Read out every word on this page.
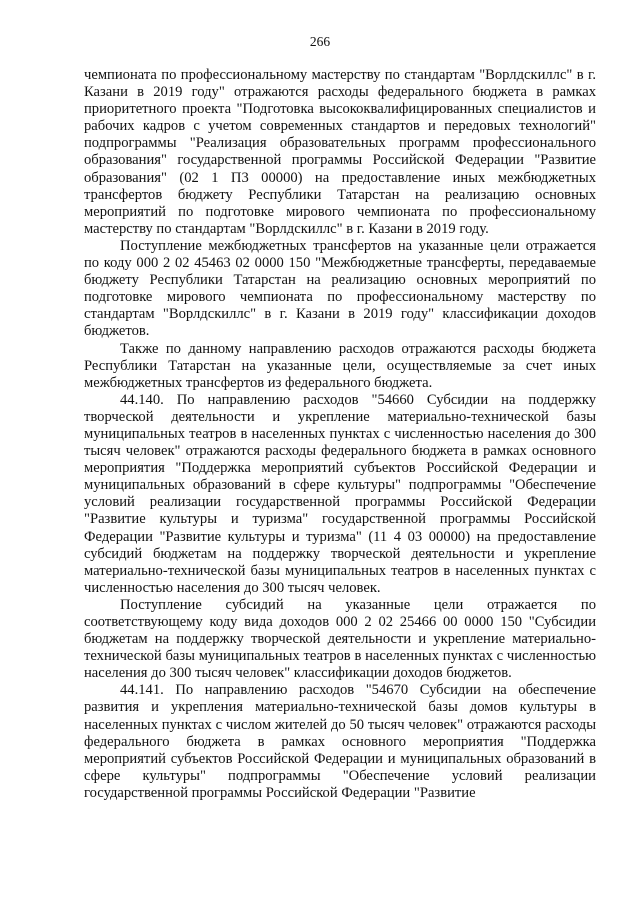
266

чемпионата по профессиональному мастерству по стандартам "Ворлдскиллс" в г. Казани в 2019 году" отражаются расходы федерального бюджета в рамках приоритетного проекта "Подготовка высококвалифицированных специалистов и рабочих кадров с учетом современных стандартов и передовых технологий" подпрограммы "Реализация образовательных программ профессионального образования" государственной программы Российской Федерации "Развитие образования" (02 1 П3 00000) на предоставление иных межбюджетных трансфертов бюджету Республики Татарстан на реализацию основных мероприятий по подготовке мирового чемпионата по профессиональному мастерству по стандартам "Ворлдскиллс" в г. Казани в 2019 году.

Поступление межбюджетных трансфертов на указанные цели отражается по коду 000 2 02 45463 02 0000 150 "Межбюджетные трансферты, передаваемые бюджету Республики Татарстан на реализацию основных мероприятий по подготовке мирового чемпионата по профессиональному мастерству по стандартам "Ворлдскиллс" в г. Казани в 2019 году" классификации доходов бюджетов.

Также по данному направлению расходов отражаются расходы бюджета Республики Татарстан на указанные цели, осуществляемые за счет иных межбюджетных трансфертов из федерального бюджета.

44.140. По направлению расходов "54660 Субсидии на поддержку творческой деятельности и укрепление материально-технической базы муниципальных театров в населенных пунктах с численностью населения до 300 тысяч человек" отражаются расходы федерального бюджета в рамках основного мероприятия "Поддержка мероприятий субъектов Российской Федерации и муниципальных образований в сфере культуры" подпрограммы "Обеспечение условий реализации государственной программы Российской Федерации "Развитие культуры и туризма" государственной программы Российской Федерации "Развитие культуры и туризма" (11 4 03 00000) на предоставление субсидий бюджетам на поддержку творческой деятельности и укрепление материально-технической базы муниципальных театров в населенных пунктах с численностью населения до 300 тысяч человек.

Поступление субсидий на указанные цели отражается по соответствующему коду вида доходов 000 2 02 25466 00 0000 150 "Субсидии бюджетам на поддержку творческой деятельности и укрепление материально-технической базы муниципальных театров в населенных пунктах с численностью населения до 300 тысяч человек" классификации доходов бюджетов.

44.141. По направлению расходов "54670 Субсидии на обеспечение развития и укрепления материально-технической базы домов культуры в населенных пунктах с числом жителей до 50 тысяч человек" отражаются расходы федерального бюджета в рамках основного мероприятия "Поддержка мероприятий субъектов Российской Федерации и муниципальных образований в сфере культуры" подпрограммы "Обеспечение условий реализации государственной программы Российской Федерации "Развитие
